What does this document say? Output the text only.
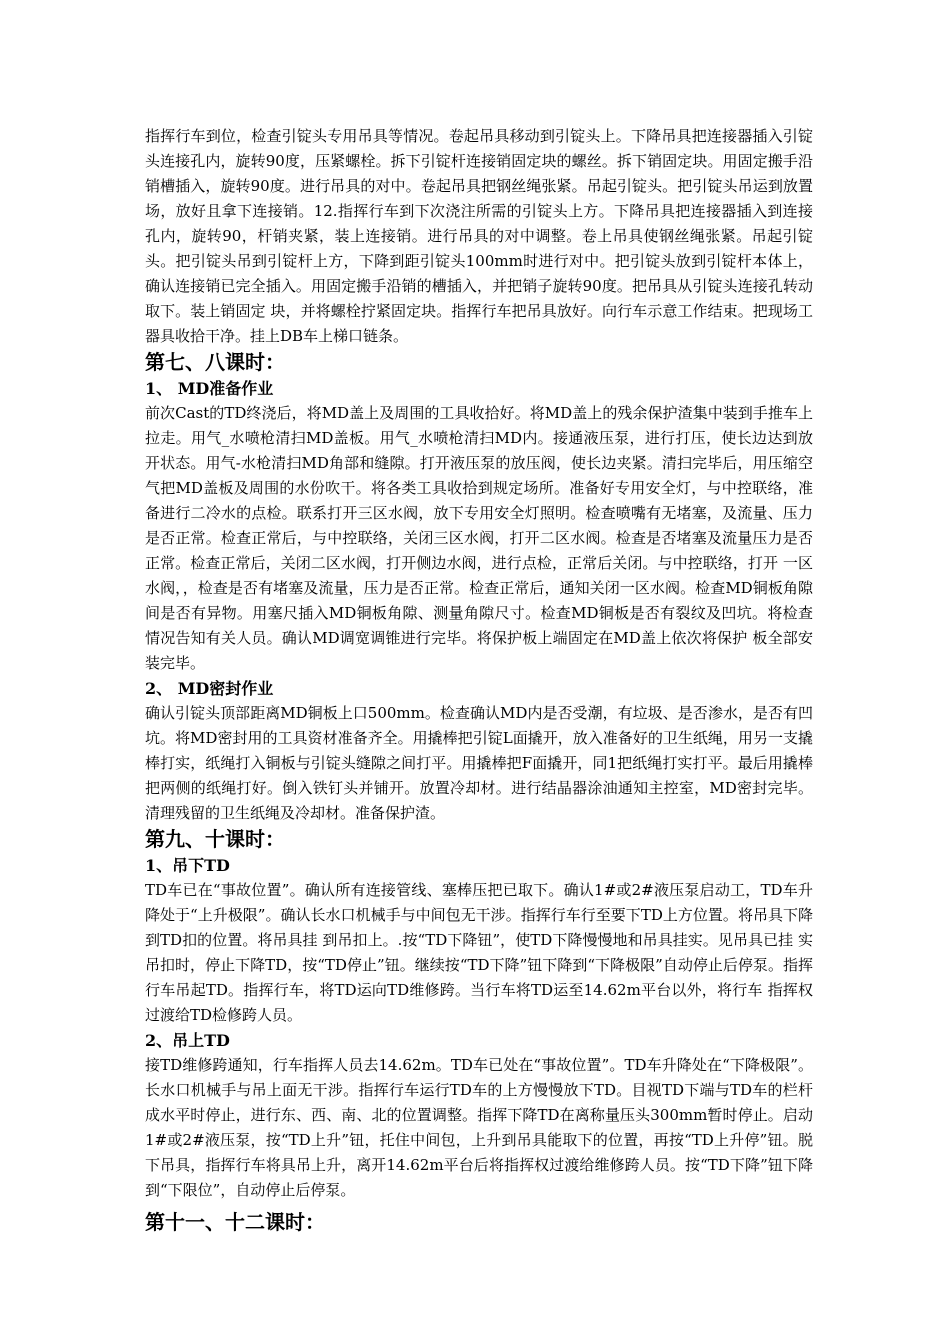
指挥行车到位，检查引锭头专用吊具等情况。卷起吊具移动到引锭头上。下降吊具把连接器插入引锭头连接孔内，旋转90度，压紧螺栓。拆下引锭杆连接销固定块的螺丝。拆下销固定块。用固定搬手沿销槽插入，旋转90度。进行吊具的对中。卷起吊具把钢丝绳张紧。吊起引锭头。把引锭头吊运到放置场，放好且拿下连接销。12.指挥行车到下次浇注所需的引锭头上方。下降吊具把连接器插入到连接孔内，旋转90，杆销夹紧，装上连接销。进行吊具的对中调整。卷上吊具使钢丝绳张紧。吊起引锭头。把引锭头吊到引锭杆上方，下降到距引锭头100mm时进行对中。把引锭头放到引锭杆本体上，确认连接销已完全插入。用固定搬手沿销的槽插入，并把销子旋转90度。把吊具从引锭头连接孔转动取下。装上销固定 块，并将螺栓拧紧固定块。指挥行车把吊具放好。向行车示意工作结束。把现场工器具收拾干净。挂上DB车上梯口链条。

第七、八课时：
1、 MD准备作业

前次Cast的TD终浇后，将MD盖上及周围的工具收拾好。将MD盖上的残余保护渣集中装到手推车上拉走。用气_水喷枪清扫MD盖板。用气_水喷枪清扫MD内。接通液压泵，进行打压，使长边达到放开状态。用气-水枪清扫MD角部和缝隙。打开液压泵的放压阀，使长边夹紧。清扫完毕后，用压缩空气把MD盖板及周围的水份吹干。将各类工具收拾到规定场所。准备好专用安全灯，与中控联络，准备进行二冷水的点检。联系打开三区水阀，放下专用安全灯照明。检查喷嘴有无堵塞，及流量、压力是否正常。检查正常后，与中控联络，关闭三区水阀，打开二区水阀。检查是否堵塞及流量压力是否正常。检查正常后，关闭二区水阀，打开侧边水阀，进行点检，正常后关闭。与中控联络，打开 一区水阀，，检查是否有堵塞及流量，压力是否正常。检查正常后，通知关闭一区水阀。检查MD铜板角隙间是否有异物。用塞尺插入MD铜板角隙、测量角隙尺寸。检查MD铜板是否有裂纹及凹坑。将检查情况告知有关人员。确认MD调宽调锥进行完毕。将保护板上端固定在MD盖上依次将保护 板全部安装完毕。

2、 MD密封作业

确认引锭头顶部距离MD铜板上口500mm。检查确认MD内是否受潮，有垃圾、是否渗水，是否有凹坑。将MD密封用的工具资材准备齐全。用撬棒把引锭L面撬开，放入准备好的卫生纸绳，用另一支撬棒打实，纸绳打入铜板与引锭头缝隙之间打平。用撬棒把F面撬开，同1把纸绳打实打平。最后用撬棒把两侧的纸绳打好。倒入铁钉头并铺开。放置冷却材。进行结晶器涂油通知主控室，MD密封完毕。清理残留的卫生纸绳及冷却材。准备保护渣。

第九、十课时：
1、吊下TD

TD车已在“事故位置”。确认所有连接管线、塞棒压把已取下。确认1#或2#液压泵启动工，TD车升降处于“上升极限”。确认长水口机械手与中间包无干涉。指挥行车行至要下TD上方位置。将吊具下降到TD扣的位置。将吊具挂 到吊扣上。.按“TD下降钮”，使TD下降慢慢地和吊具挂实。见吊具已挂 实吊扣时，停止下降TD，按“TD停止”钮。继续按“TD下降”钮下降到“下降极限”自动停止后停泵。指挥行车吊起TD。指挥行车，将TD运向TD维修跨。当行车将TD运至14.62m平台以外，将行车 指挥权过渡给TD检修跨人员。

2、吊上TD

接TD维修跨通知，行车指挥人员去14.62m。TD车已处在“事故位置”。TD车升降处在“下降极限”。长水口机械手与吊上面无干涉。指挥行车运行TD车的上方慢慢放下TD。目视TD下端与TD车的栏杆成水平时停止，进行东、西、南、北的位置调整。指挥下降TD在离称量压头300mm暂时停止。启动1#或2#液压泵，按“TD上升”钮，托住中间包，上升到吊具能取下的位置，再按“TD上升停”钮。脱下吊具，指挥行车将具吊上升，离开14.62m平台后将指挥权过渡给维修跨人员。按“TD下降”钮下降到“下限位”，自动停止后停泵。

第十一、十二课时：
